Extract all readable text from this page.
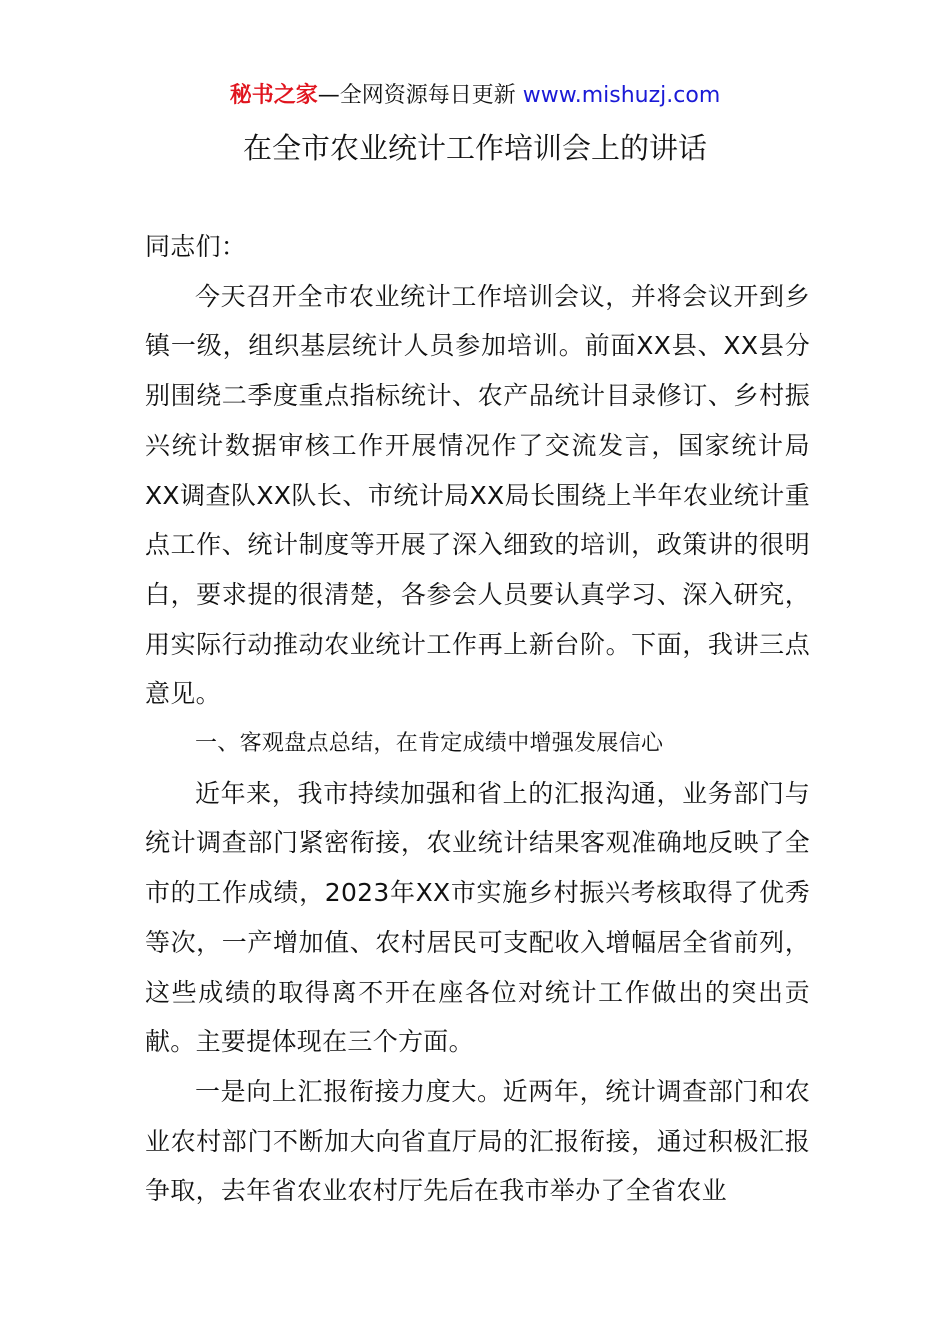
秘书之家—全网资源每日更新 www.mishuzj.com
在全市农业统计工作培训会上的讲话

同志们：

今天召开全市农业统计工作培训会议，并将会议开到乡镇一级，组织基层统计人员参加培训。前面XX县、XX县分别围绕二季度重点指标统计、农产品统计目录修订、乡村振兴统计数据审核工作开展情况作了交流发言，国家统计局XX调查队XX队长、市统计局XX局长围绕上半年农业统计重点工作、统计制度等开展了深入细致的培训，政策讲的很明白，要求提的很清楚，各参会人员要认真学习、深入研究，用实际行动推动农业统计工作再上新台阶。下面，我讲三点意见。

一、客观盘点总结，在肯定成绩中增强发展信心

近年来，我市持续加强和省上的汇报沟通，业务部门与统计调查部门紧密衔接，农业统计结果客观准确地反映了全市的工作成绩，2023年XX市实施乡村振兴考核取得了优秀等次，一产增加值、农村居民可支配收入增幅居全省前列，这些成绩的取得离不开在座各位对统计工作做出的突出贡献。主要提体现在三个方面。

一是向上汇报衔接力度大。近两年，统计调查部门和农业农村部门不断加大向省直厅局的汇报衔接，通过积极汇报争取，去年省农业农村厅先后在我市举办了全省农业
